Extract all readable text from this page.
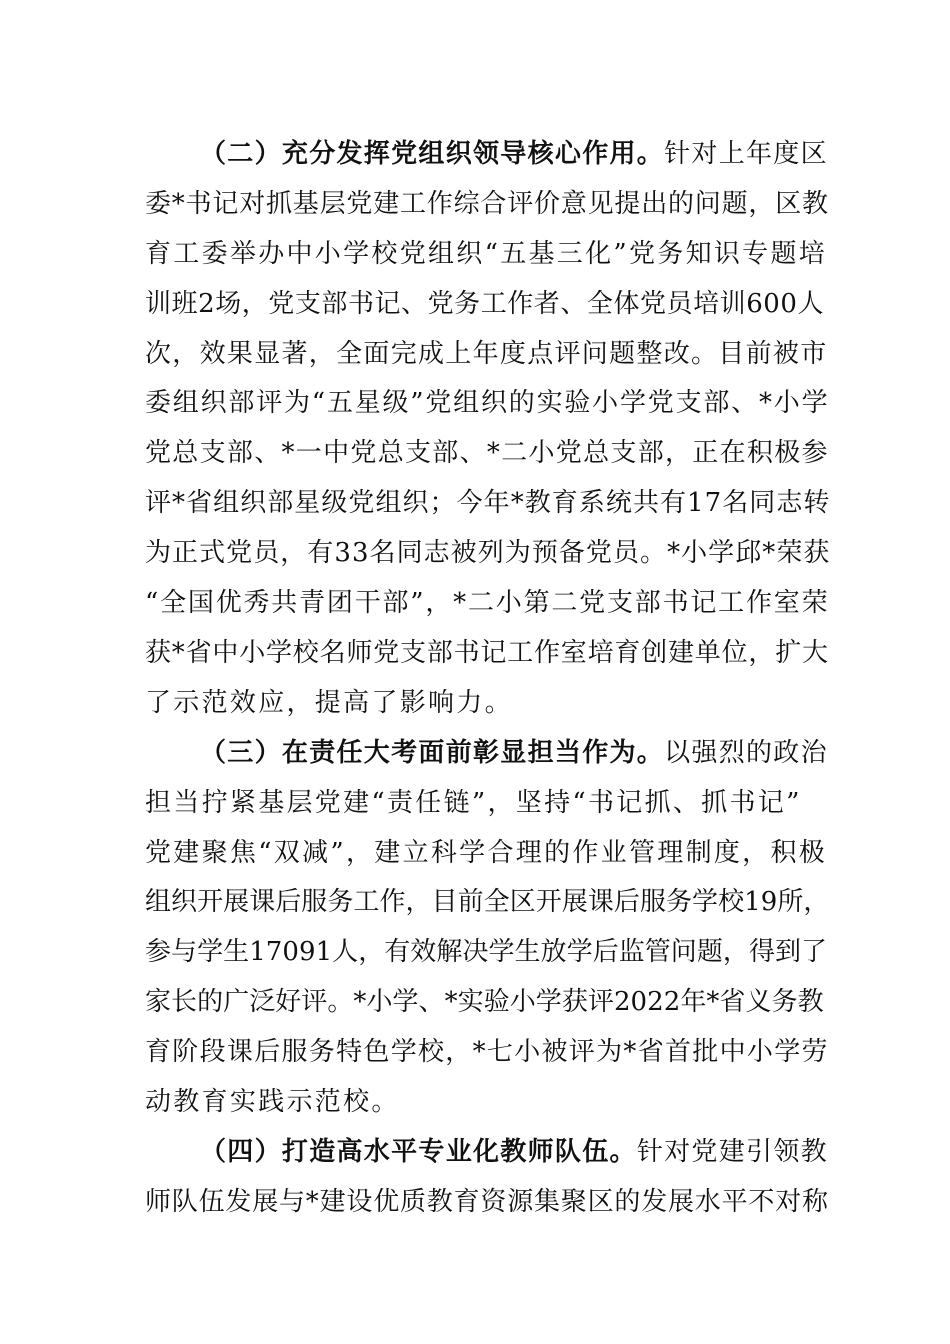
（二）充分发挥党组织领导核心作用。针对上年度区
委*书记对抓基层党建工作综合评价意见提出的问题，区教
育工委举办中小学校党组织“五基三化”党务知识专题培
训班2场，党支部书记、党务工作者、全体党员培训600人
次，效果显著，全面完成上年度点评问题整改。目前被市
委组织部评为“五星级”党组织的实验小学党支部、*小学
党总支部、*一中党总支部、*二小党总支部，正在积极参
评*省组织部星级党组织；今年*教育系统共有17名同志转
为正式党员，有33名同志被列为预备党员。*小学邱*荣获
“全国优秀共青团干部”，*二小第二党支部书记工作室荣
获*省中小学校名师党支部书记工作室培育创建单位，扩大
了示范效应，提高了影响力。
（三）在责任大考面前彰显担当作为。以强烈的政治
担当拧紧基层党建“责任链”，坚持“书记抓、抓书记”
党建聚焦“双减”，建立科学合理的作业管理制度，积极
组织开展课后服务工作，目前全区开展课后服务学校19所，
参与学生17091人，有效解决学生放学后监管问题，得到了
家长的广泛好评。*小学、*实验小学获评2022年*省义务教
育阶段课后服务特色学校，*七小被评为*省首批中小学劳
动教育实践示范校。
（四）打造高水平专业化教师队伍。针对党建引领教
师队伍发展与*建设优质教育资源集聚区的发展水平不对称
